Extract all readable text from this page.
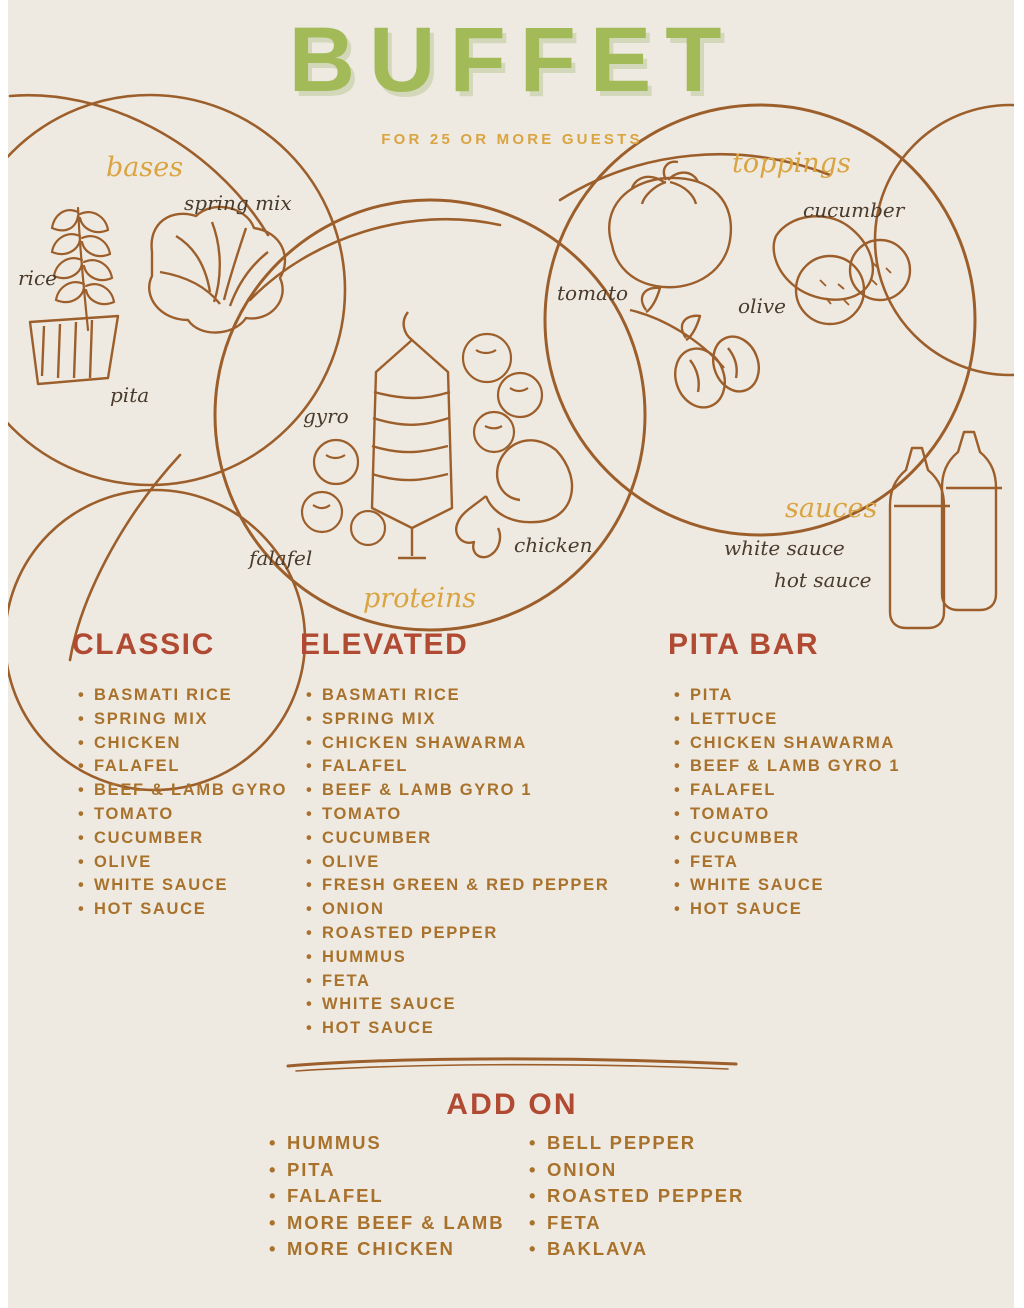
BUFFET
FOR 25 OR MORE GUESTS
bases
rice
spring mix
pita
proteins
gyro
falafel
chicken
toppings
tomato
cucumber
olive
sauces
white sauce
hot sauce
CLASSIC
• BASMATI RICE
• SPRING MIX
• CHICKEN
• FALAFEL
• BEEF & LAMB GYRO
• TOMATO
• CUCUMBER
• OLIVE
• WHITE SAUCE
• HOT SAUCE
ELEVATED
• BASMATI RICE
• SPRING MIX
• CHICKEN SHAWARMA
• FALAFEL
• BEEF & LAMB GYRO 1
• TOMATO
• CUCUMBER
• OLIVE
• FRESH GREEN & RED PEPPER
• ONION
• ROASTED PEPPER
• HUMMUS
• FETA
• WHITE SAUCE
• HOT SAUCE
PITA BAR
• PITA
• LETTUCE
• CHICKEN SHAWARMA
• BEEF & LAMB GYRO 1
• FALAFEL
• TOMATO
• CUCUMBER
• FETA
• WHITE SAUCE
• HOT SAUCE
ADD ON
• HUMMUS
• PITA
• FALAFEL
• MORE BEEF & LAMB
• MORE CHICKEN
• BELL PEPPER
• ONION
• ROASTED PEPPER
• FETA
• BAKLAVA
